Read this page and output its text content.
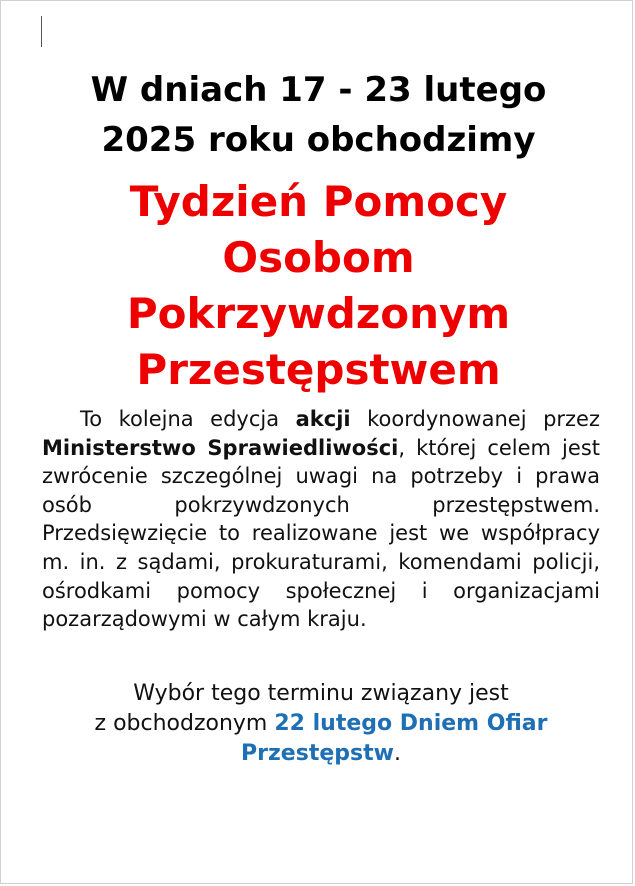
W dniach 17 - 23 lutego
2025 roku obchodzimy
Tydzień Pomocy
Osobom
Pokrzywdzonym
Przestępstwem

To kolejna edycja akcji koordynowanej przez Ministerstwo Sprawiedliwości, której celem jest zwrócenie szczególnej uwagi na potrzeby i prawa osób pokrzywdzonych przestępstwem. Przedsięwzięcie to realizowane jest we współpracy m. in. z sądami, prokuraturami, komendami policji, ośrodkami pomocy społecznej i organizacjami pozarządowymi w całym kraju.

Wybór tego terminu związany jest
z obchodzonym 22 lutego Dniem Ofiar Przestępstw.
